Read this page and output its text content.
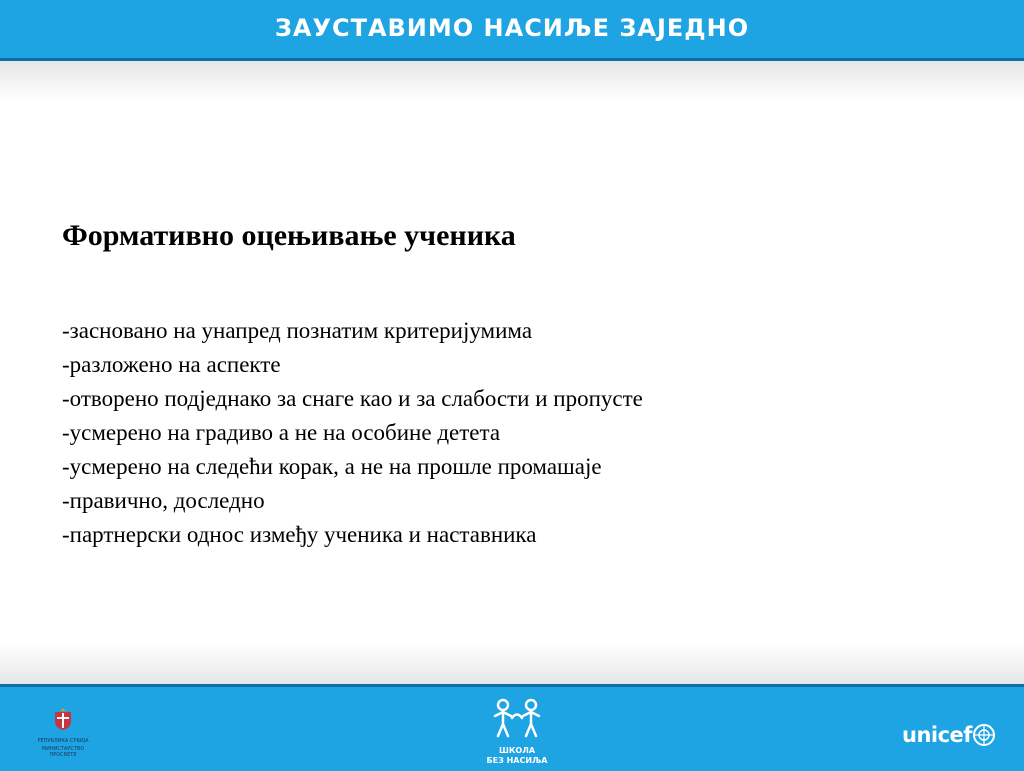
ЗАУСТАВИМО НАСИЉЕ ЗАЈЕДНО
Формативно оцењивање ученика
-засновано на унапред познатим критеријумима
-разложено на аспекте
-отворено подједнако за снаге као и за слабости и пропусте
-усмерено на градиво а не на особине детета
-усмерено на следећи корак, а не на прошле промашаје
-правично, доследно
-партнерски однос између ученика и наставника
РЕПУБЛИКА СРБИЈА
МИНИСТАРСТВО ПРОСВЕТЕ	ШКОЛА
БЕЗ НАСИЉА
unicef
